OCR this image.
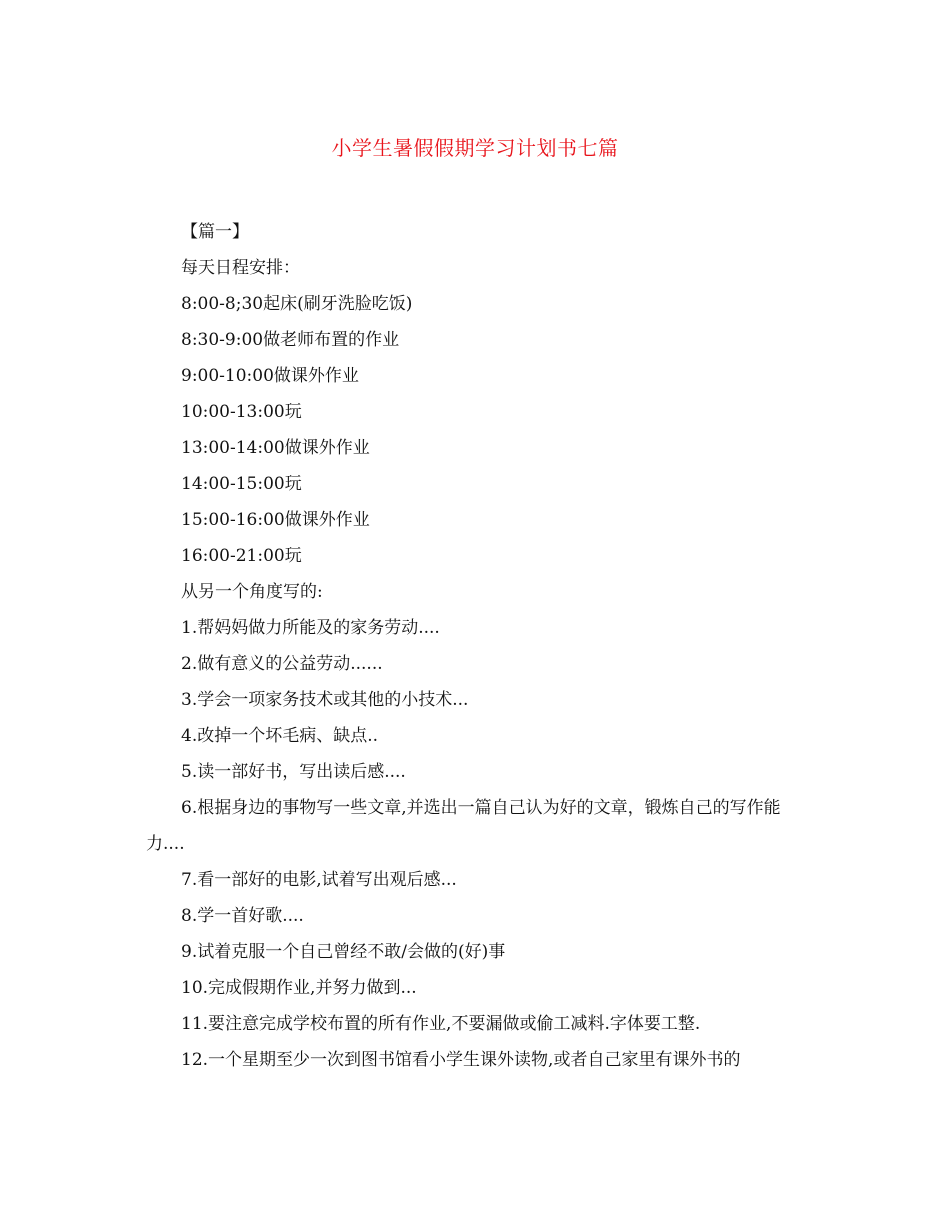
小学生暑假假期学习计划书七篇

【篇一】

每天日程安排：

8:00-8;30起床(刷牙洗脸吃饭)

8:30-9:00做老师布置的作业

9:00-10:00做课外作业

10:00-13:00玩

13:00-14:00做课外作业

14:00-15:00玩

15:00-16:00做课外作业

16:00-21:00玩

从另一个角度写的:

1.帮妈妈做力所能及的家务劳动....

2.做有意义的公益劳动......

3.学会一项家务技术或其他的小技术...

4.改掉一个坏毛病、缺点..

5.读一部好书，写出读后感....

6.根据身边的事物写一些文章,并选出一篇自己认为好的文章，锻炼自己的写作能力....

7.看一部好的电影,试着写出观后感...

8.学一首好歌....

9.试着克服一个自己曾经不敢/会做的(好)事

10.完成假期作业,并努力做到...

11.要注意完成学校布置的所有作业,不要漏做或偷工减料.字体要工整.

12.一个星期至少一次到图书馆看小学生课外读物,或者自己家里有课外书的
